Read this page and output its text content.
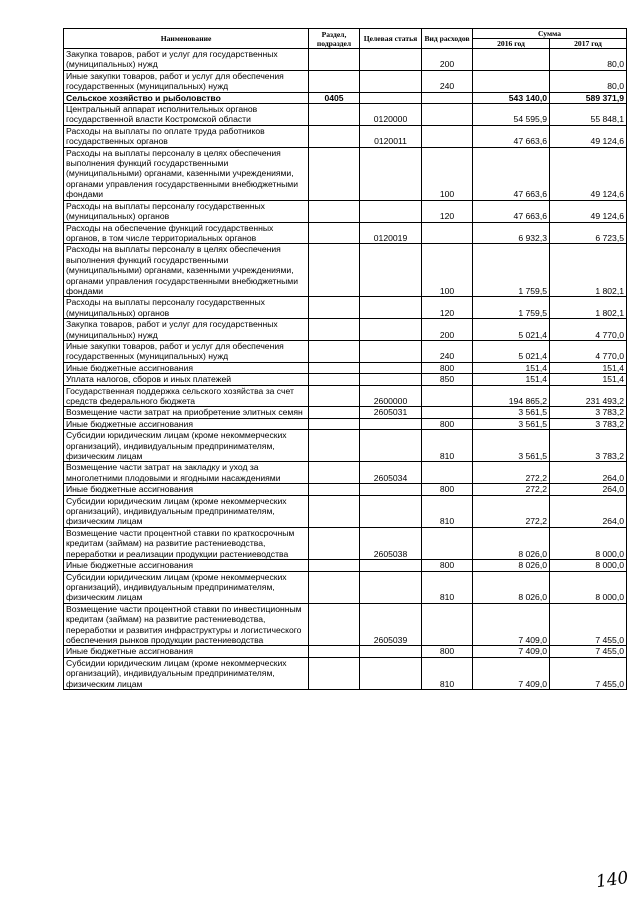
Наименование	Раздел, подраздел	Целевая статья	Вид расходов	Сумма	
				2016 год	2017 год
Закупка товаров, работ и услуг для государственных (муниципальных) нужд			200		80,0
Иные закупки товаров, работ и услуг для обеспечения государственных (муниципальных) нужд			240		80,0
Сельское хозяйство и рыболовство	0405			543 140,0	589 371,9
Центральный аппарат исполнительных органов государственной власти Костромской области		0120000		54 595,9	55 848,1
Расходы на выплаты по оплате труда работников государственных органов		0120011		47 663,6	49 124,6
Расходы на выплаты персоналу в целях обеспечения выполнения функций государственными (муниципальными) органами, казенными учреждениями, органами управления государственными внебюджетными фондами			100	47 663,6	49 124,6
Расходы на выплаты персоналу государственных (муниципальных) органов			120	47 663,6	49 124,6
Расходы на обеспечение функций государственных органов, в том числе территориальных органов		0120019		6 932,3	6 723,5
Расходы на выплаты персоналу в целях обеспечения выполнения функций государственными (муниципальными) органами, казенными учреждениями, органами управления государственными внебюджетными фондами			100	1 759,5	1 802,1
Расходы на выплаты персоналу государственных (муниципальных) органов			120	1 759,5	1 802,1
Закупка товаров, работ и услуг для государственных (муниципальных) нужд			200	5 021,4	4 770,0
Иные закупки товаров, работ и услуг для обеспечения государственных (муниципальных) нужд			240	5 021,4	4 770,0
Иные бюджетные ассигнования			800	151,4	151,4
Уплата налогов, сборов и иных платежей			850	151,4	151,4
Государственная поддержка сельского хозяйства за счет средств федерального бюджета		2600000		194 865,2	231 493,2
Возмещение части затрат на приобретение элитных семян		2605031		3 561,5	3 783,2
Иные бюджетные ассигнования			800	3 561,5	3 783,2
Субсидии юридическим лицам (кроме некоммерческих организаций), индивидуальным предпринимателям, физическим лицам			810	3 561,5	3 783,2
Возмещение части затрат на закладку и уход за многолетними плодовыми и ягодными насаждениями		2605034		272,2	264,0
Иные бюджетные ассигнования			800	272,2	264,0
Субсидии юридическим лицам (кроме некоммерческих организаций), индивидуальным предпринимателям, физическим лицам			810	272,2	264,0
Возмещение части процентной ставки по краткосрочным кредитам (займам) на развитие растениеводства, переработки и реализации продукции растениеводства		2605038		8 026,0	8 000,0
Иные бюджетные ассигнования			800	8 026,0	8 000,0
Субсидии юридическим лицам (кроме некоммерческих организаций), индивидуальным предпринимателям, физическим лицам			810	8 026,0	8 000,0
Возмещение части процентной ставки по инвестиционным кредитам (займам) на развитие растениеводства, переработки и развития инфраструктуры и логистического обеспечения рынков продукции растениеводства		2605039		7 409,0	7 455,0
Иные бюджетные ассигнования			800	7 409,0	7 455,0
Субсидии юридическим лицам (кроме некоммерческих организаций), индивидуальным предпринимателям, физическим лицам			810	7 409,0	7 455,0
140
